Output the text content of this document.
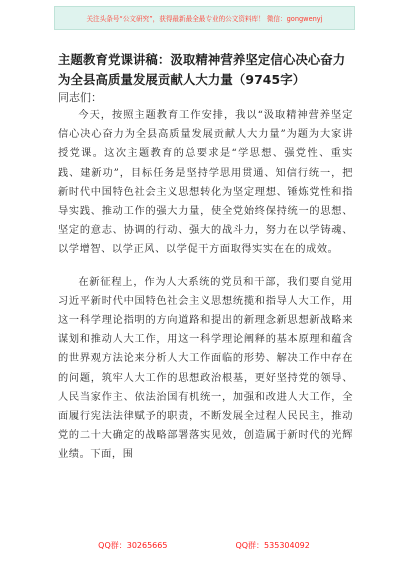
关注头条号“公文研究”，获得最新最全最专业的公文资料库！ 微信：gongwenyj

主题教育党课讲稿：汲取精神营养坚定信心决心奋力为全县高质量发展贡献人大力量（9745字）

同志们：

今天，按照主题教育工作安排，我以“汲取精神营养坚定信心决心奋力为全县高质量发展贡献人大力量”为题为大家讲授党课。这次主题教育的总要求是“学思想、强党性、重实践、建新功”，目标任务是坚持学思用贯通、知信行统一，把新时代中国特色社会主义思想转化为坚定理想、锤炼党性和指导实践、推动工作的强大力量，使全党始终保持统一的思想、坚定的意志、协调的行动、强大的战斗力，努力在以学铸魂、以学增智、以学正风、以学促干方面取得实实在在的成效。

在新征程上，作为人大系统的党员和干部，我们要自觉用习近平新时代中国特色社会主义思想统揽和指导人大工作，用这一科学理论指明的方向道路和提出的新理念新思想新战略来谋划和推动人大工作，用这一科学理论阐释的基本原理和蕴含的世界观方法论来分析人大工作面临的形势、解决工作中存在的问题，筑牢人大工作的思想政治根基，更好坚持党的领导、人民当家作主、依法治国有机统一，加强和改进人大工作，全面履行宪法法律赋予的职责，不断发展全过程人民民主，推动党的二十大确定的战略部署落实见效，创造属于新时代的光辉业绩。下面，围

QQ群：30265665	QQ群：535304092
